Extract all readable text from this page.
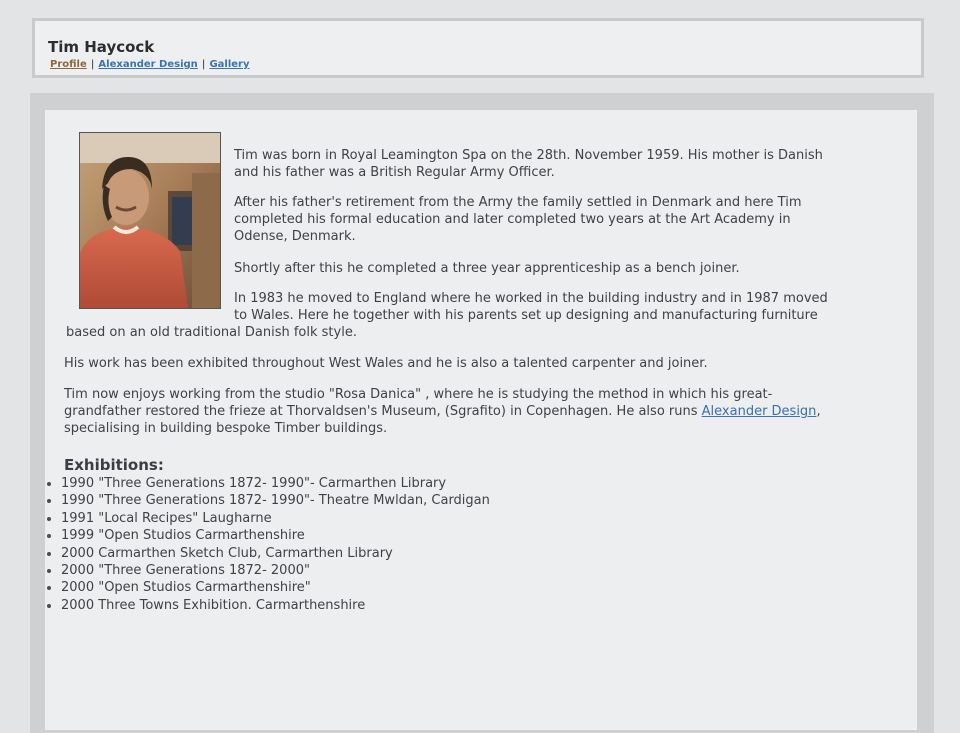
Tim Haycock
Profile | Alexander Design | Gallery

Tim was born in Royal Leamington Spa on the 28th. November 1959. His mother is Danish
and his father was a British Regular Army Officer.

After his father's retirement from the Army the family settled in Denmark and here Tim
completed his formal education and later completed two years at the Art Academy in
Odense, Denmark.

Shortly after this he completed a three year apprenticeship as a bench joiner.

In 1983 he moved to England where he worked in the building industry and in 1987 moved
to Wales. Here he together with his parents set up designing and manufacturing furniture

based on an old traditional Danish folk style.

His work has been exhibited throughout West Wales and he is also a talented carpenter and joiner.

Tim now enjoys working from the studio "Rosa Danica" , where he is studying the method in which his great-
grandfather restored the frieze at Thorvaldsen's Museum, (Sgrafito) in Copenhagen. He also runs Alexander Design,
specialising in building bespoke Timber buildings.

Exhibitions:
1990 "Three Generations 1872- 1990"- Carmarthen Library
1990 "Three Generations 1872- 1990"- Theatre Mwldan, Cardigan
1991 "Local Recipes" Laugharne
1999 "Open Studios Carmarthenshire
2000 Carmarthen Sketch Club, Carmarthen Library
2000 "Three Generations 1872- 2000"
2000 "Open Studios Carmarthenshire"
2000 Three Towns Exhibition. Carmarthenshire
